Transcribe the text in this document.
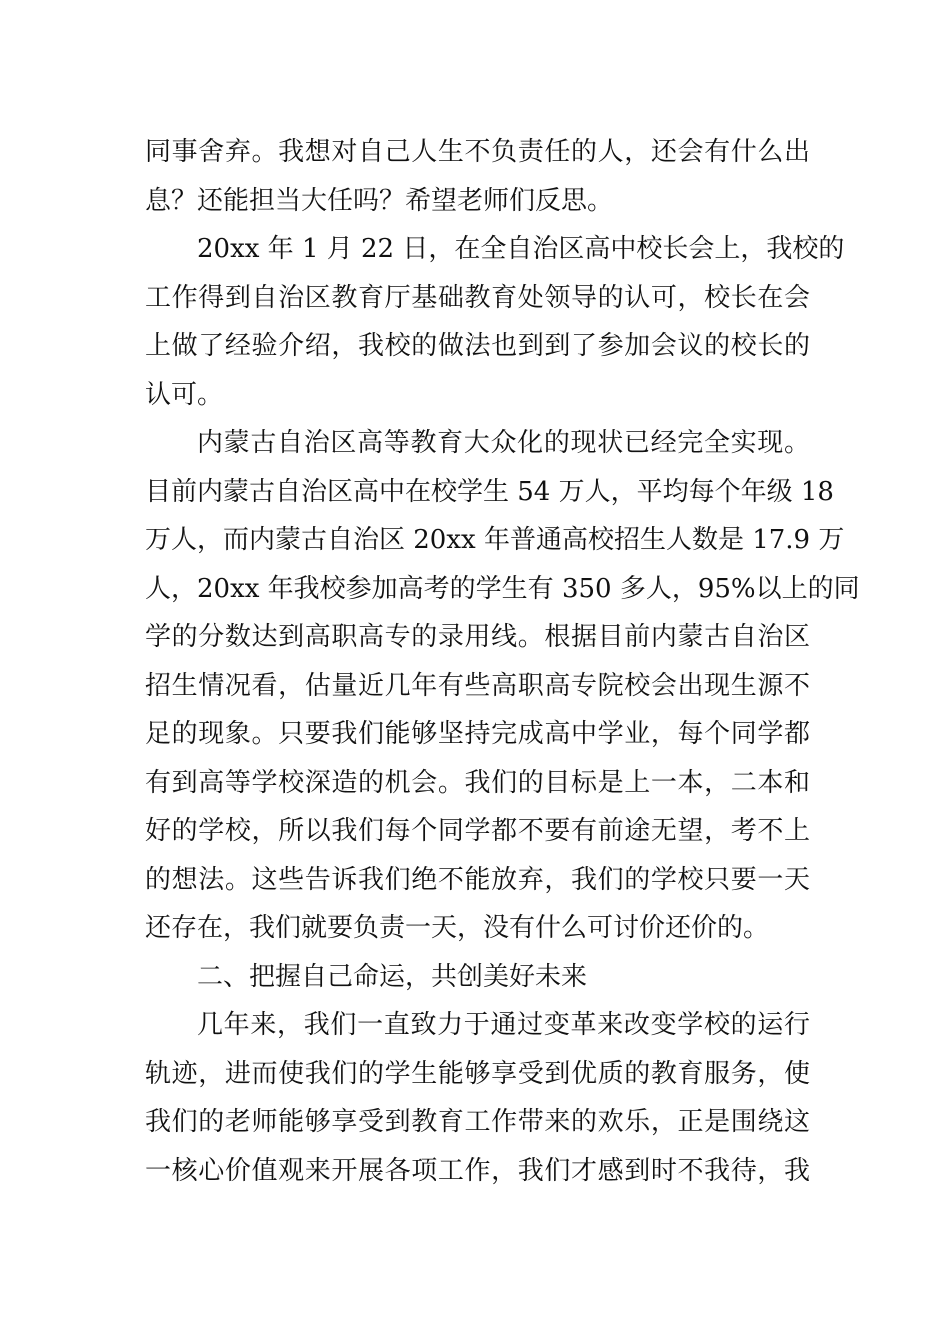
同事舍弃。我想对自己人生不负责任的人，还会有什么出
息？还能担当大任吗？希望老师们反思。

20xx 年 1 月 22 日，在全自治区高中校长会上，我校的
工作得到自治区教育厅基础教育处领导的认可，校长在会
上做了经验介绍，我校的做法也到到了参加会议的校长的
认可。

内蒙古自治区高等教育大众化的现状已经完全实现。
目前内蒙古自治区高中在校学生 54 万人，平均每个年级 18
万人，而内蒙古自治区 20xx 年普通高校招生人数是 17.9 万
人，20xx 年我校参加高考的学生有 350 多人，95%以上的同
学的分数达到高职高专的录用线。根据目前内蒙古自治区
招生情况看，估量近几年有些高职高专院校会出现生源不
足的现象。只要我们能够坚持完成高中学业，每个同学都
有到高等学校深造的机会。我们的目标是上一本，二本和
好的学校，所以我们每个同学都不要有前途无望，考不上
的想法。这些告诉我们绝不能放弃，我们的学校只要一天
还存在，我们就要负责一天，没有什么可讨价还价的。

二、把握自己命运，共创美好未来

几年来，我们一直致力于通过变革来改变学校的运行
轨迹，进而使我们的学生能够享受到优质的教育服务，使
我们的老师能够享受到教育工作带来的欢乐，正是围绕这
一核心价值观来开展各项工作，我们才感到时不我待，我
